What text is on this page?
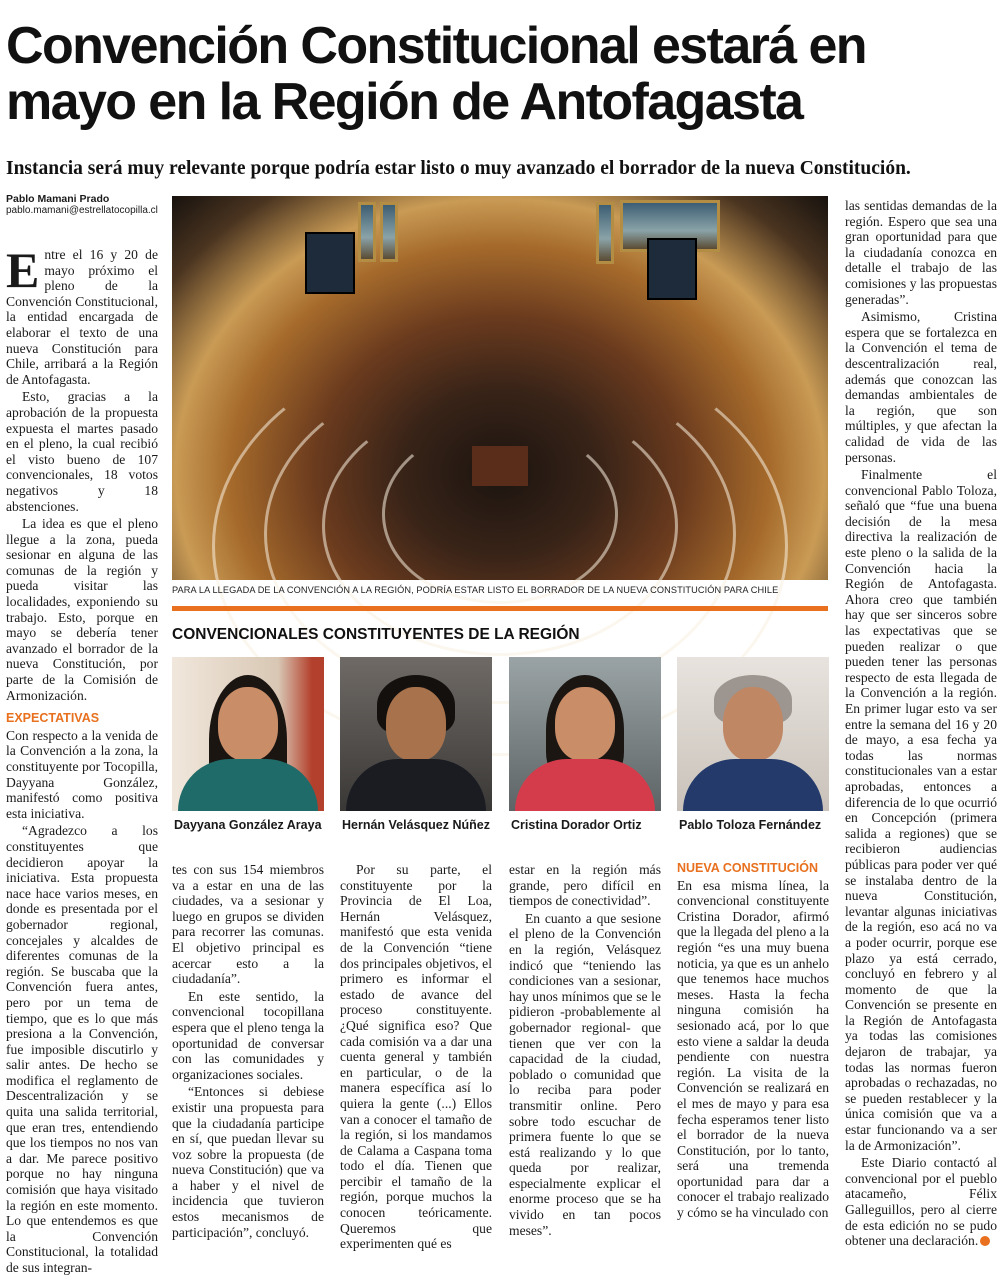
Convención Constitucional estará en
mayo en la Región de Antofagasta
Instancia será muy relevante porque podría estar listo o muy avanzado el borrador de la nueva Constitución.
Pablo Mamani Prado
pablo.mamani@estrellatocopilla.cl

Entre el 16 y 20 de mayo próximo el pleno de la Convención Constitucional, la entidad encargada de elaborar el texto de una nueva Constitución para Chile, arribará a la Región de Antofagasta.

Esto, gracias a la aprobación de la propuesta expuesta el martes pasado en el pleno, la cual recibió el visto bueno de 107 convencionales, 18 votos negativos y 18 abstenciones.

La idea es que el pleno llegue a la zona, pueda sesionar en alguna de las comunas de la región y pueda visitar las localidades, exponiendo su trabajo. Esto, porque en mayo se debería tener avanzado el borrador de la nueva Constitución, por parte de la Comisión de Armonización.

EXPECTATIVAS

Con respecto a la venida de la Convención a la zona, la constituyente por Tocopilla, Dayyana González, manifestó como positiva esta iniciativa.

“Agradezco a los constituyentes que decidieron apoyar la iniciativa. Esta propuesta nace hace varios meses, en donde es presentada por el gobernador regional, concejales y alcaldes de diferentes comunas de la región. Se buscaba que la Convención fuera antes, pero por un tema de tiempo, que es lo que más presiona a la Convención, fue imposible discutirlo y salir antes. De hecho se modifica el reglamento de Descentralización y se quita una salida territorial, que eran tres, entendiendo que los tiempos no nos van a dar. Me parece positivo porque no hay ninguna comisión que haya visitado la región en este momento. Lo que entendemos es que la Convención Constitucional, la totalidad de sus integran-

PARA LA LLEGADA DE LA CONVENCIÓN A LA REGIÓN, PODRÍA ESTAR LISTO EL BORRADOR DE LA NUEVA CONSTITUCIÓN PARA CHILE
CONVENCIONALES CONSTITUYENTES DE LA REGIÓN
Dayyana González Araya Hernán Velásquez Núñez Cristina Dorador Ortiz	Pablo Toloza Fernández

tes con sus 154 miembros va a estar en una de las ciudades, va a sesionar y luego en grupos se dividen para recorrer las comunas. El objetivo principal es acercar esto a la ciudadanía”.

En este sentido, la convencional tocopillana espera que el pleno tenga la oportunidad de conversar con las comunidades y organizaciones sociales.

“Entonces si debiese existir una propuesta para que la ciudadanía participe en sí, que puedan llevar su voz sobre la propuesta (de nueva Constitución) que va a haber y el nivel de incidencia que tuvieron estos mecanismos de participación”, concluyó.

Por su parte, el constituyente por la Provincia de El Loa, Hernán Velásquez, manifestó que esta venida de la Convención “tiene dos principales objetivos, el primero es informar el estado de avance del proceso constituyente. ¿Qué significa eso? Que cada comisión va a dar una cuenta general y también en particular, o de la manera específica así lo quiera la gente (...) Ellos van a conocer el tamaño de la región, si los mandamos de Calama a Caspana toma todo el día. Tienen que percibir el tamaño de la región, porque muchos la conocen teóricamente. Queremos que experimenten qué es

estar en la región más grande, pero difícil en tiempos de conectividad”.

En cuanto a que sesione el pleno de la Convención en la región, Velásquez indicó que “teniendo las condiciones van a sesionar, hay unos mínimos que se le pidieron -probablemente al gobernador regional- que tienen que ver con la capacidad de la ciudad, poblado o comunidad que lo reciba para poder transmitir online. Pero sobre todo escuchar de primera fuente lo que se está realizando y lo que queda por realizar, especialmente explicar el enorme proceso que se ha vivido en tan pocos meses”.

NUEVA CONSTITUCIÓN

En esa misma línea, la convencional constituyente Cristina Dorador, afirmó que la llegada del pleno a la región “es una muy buena noticia, ya que es un anhelo que tenemos hace muchos meses. Hasta la fecha ninguna comisión ha sesionado acá, por lo que esto viene a saldar la deuda pendiente con nuestra región. La visita de la Convención se realizará en el mes de mayo y para esa fecha esperamos tener listo el borrador de la nueva Constitución, por lo tanto, será una tremenda oportunidad para dar a conocer el trabajo realizado y cómo se ha vinculado con

las sentidas demandas de la región. Espero que sea una gran oportunidad para que la ciudadanía conozca en detalle el trabajo de las comisiones y las propuestas generadas”.

Asimismo, Cristina espera que se fortalezca en la Convención el tema de descentralización real, además que conozcan las demandas ambientales de la región, que son múltiples, y que afectan la calidad de vida de las personas.

Finalmente el convencional Pablo Toloza, señaló que “fue una buena decisión de la mesa directiva la realización de este pleno o la salida de la Convención hacia la Región de Antofagasta. Ahora creo que también hay que ser sinceros sobre las expectativas que se pueden realizar o que pueden tener las personas respecto de esta llegada de la Convención a la región. En primer lugar esto va ser entre la semana del 16 y 20 de mayo, a esa fecha ya todas las normas constitucionales van a estar aprobadas, entonces a diferencia de lo que ocurrió en Concepción (primera salida a regiones) que se recibieron audiencias públicas para poder ver qué se instalaba dentro de la nueva Constitución, levantar algunas iniciativas de la región, eso acá no va a poder ocurrir, porque ese plazo ya está cerrado, concluyó en febrero y al momento de que la Convención se presente en la Región de Antofagasta ya todas las comisiones dejaron de trabajar, ya todas las normas fueron aprobadas o rechazadas, no se pueden restablecer y la única comisión que va a estar funcionando va a ser la de Armonización”.

Este Diario contactó al convencional por el pueblo atacameño, Félix Galleguillos, pero al cierre de esta edición no se pudo obtener una declaración.
